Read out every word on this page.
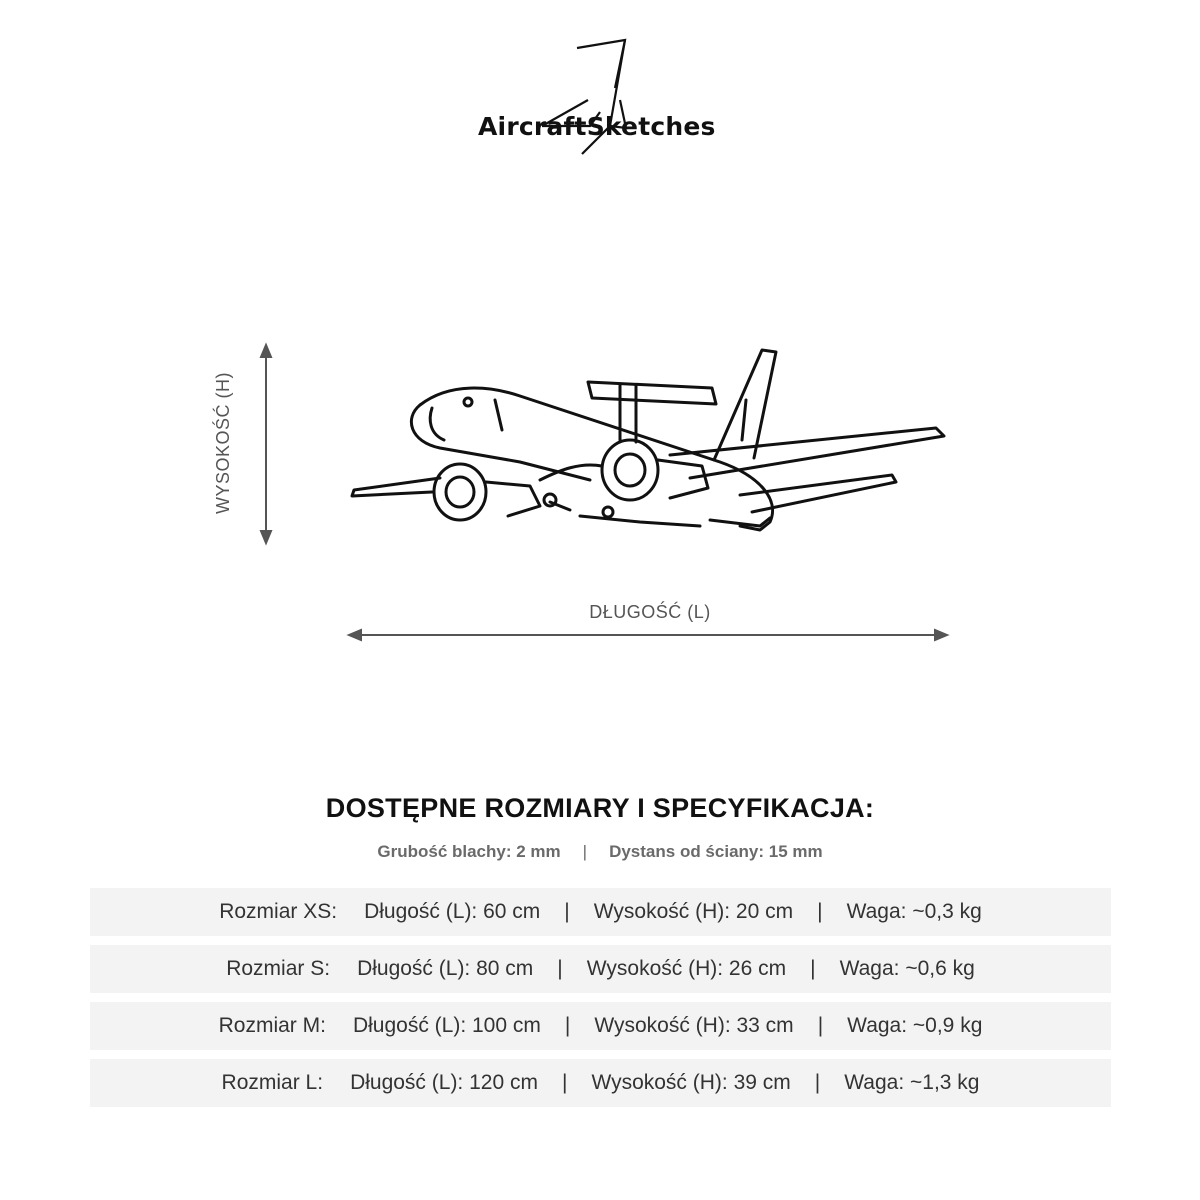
AircraftSketches
WYSOKOŚĆ (H)
DŁUGOŚĆ (L)
DOSTĘPNE ROZMIARY I SPECYFIKACJA:
Grubość blachy: 2 mm | Dystans od ściany: 15 mm
Rozmiar XS: Długość (L): 60 cm | Wysokość (H): 20 cm | Waga: ~0,3 kg
Rozmiar S: Długość (L): 80 cm | Wysokość (H): 26 cm | Waga: ~0,6 kg
Rozmiar M: Długość (L): 100 cm | Wysokość (H): 33 cm | Waga: ~0,9 kg
Rozmiar L: Długość (L): 120 cm | Wysokość (H): 39 cm | Waga: ~1,3 kg
